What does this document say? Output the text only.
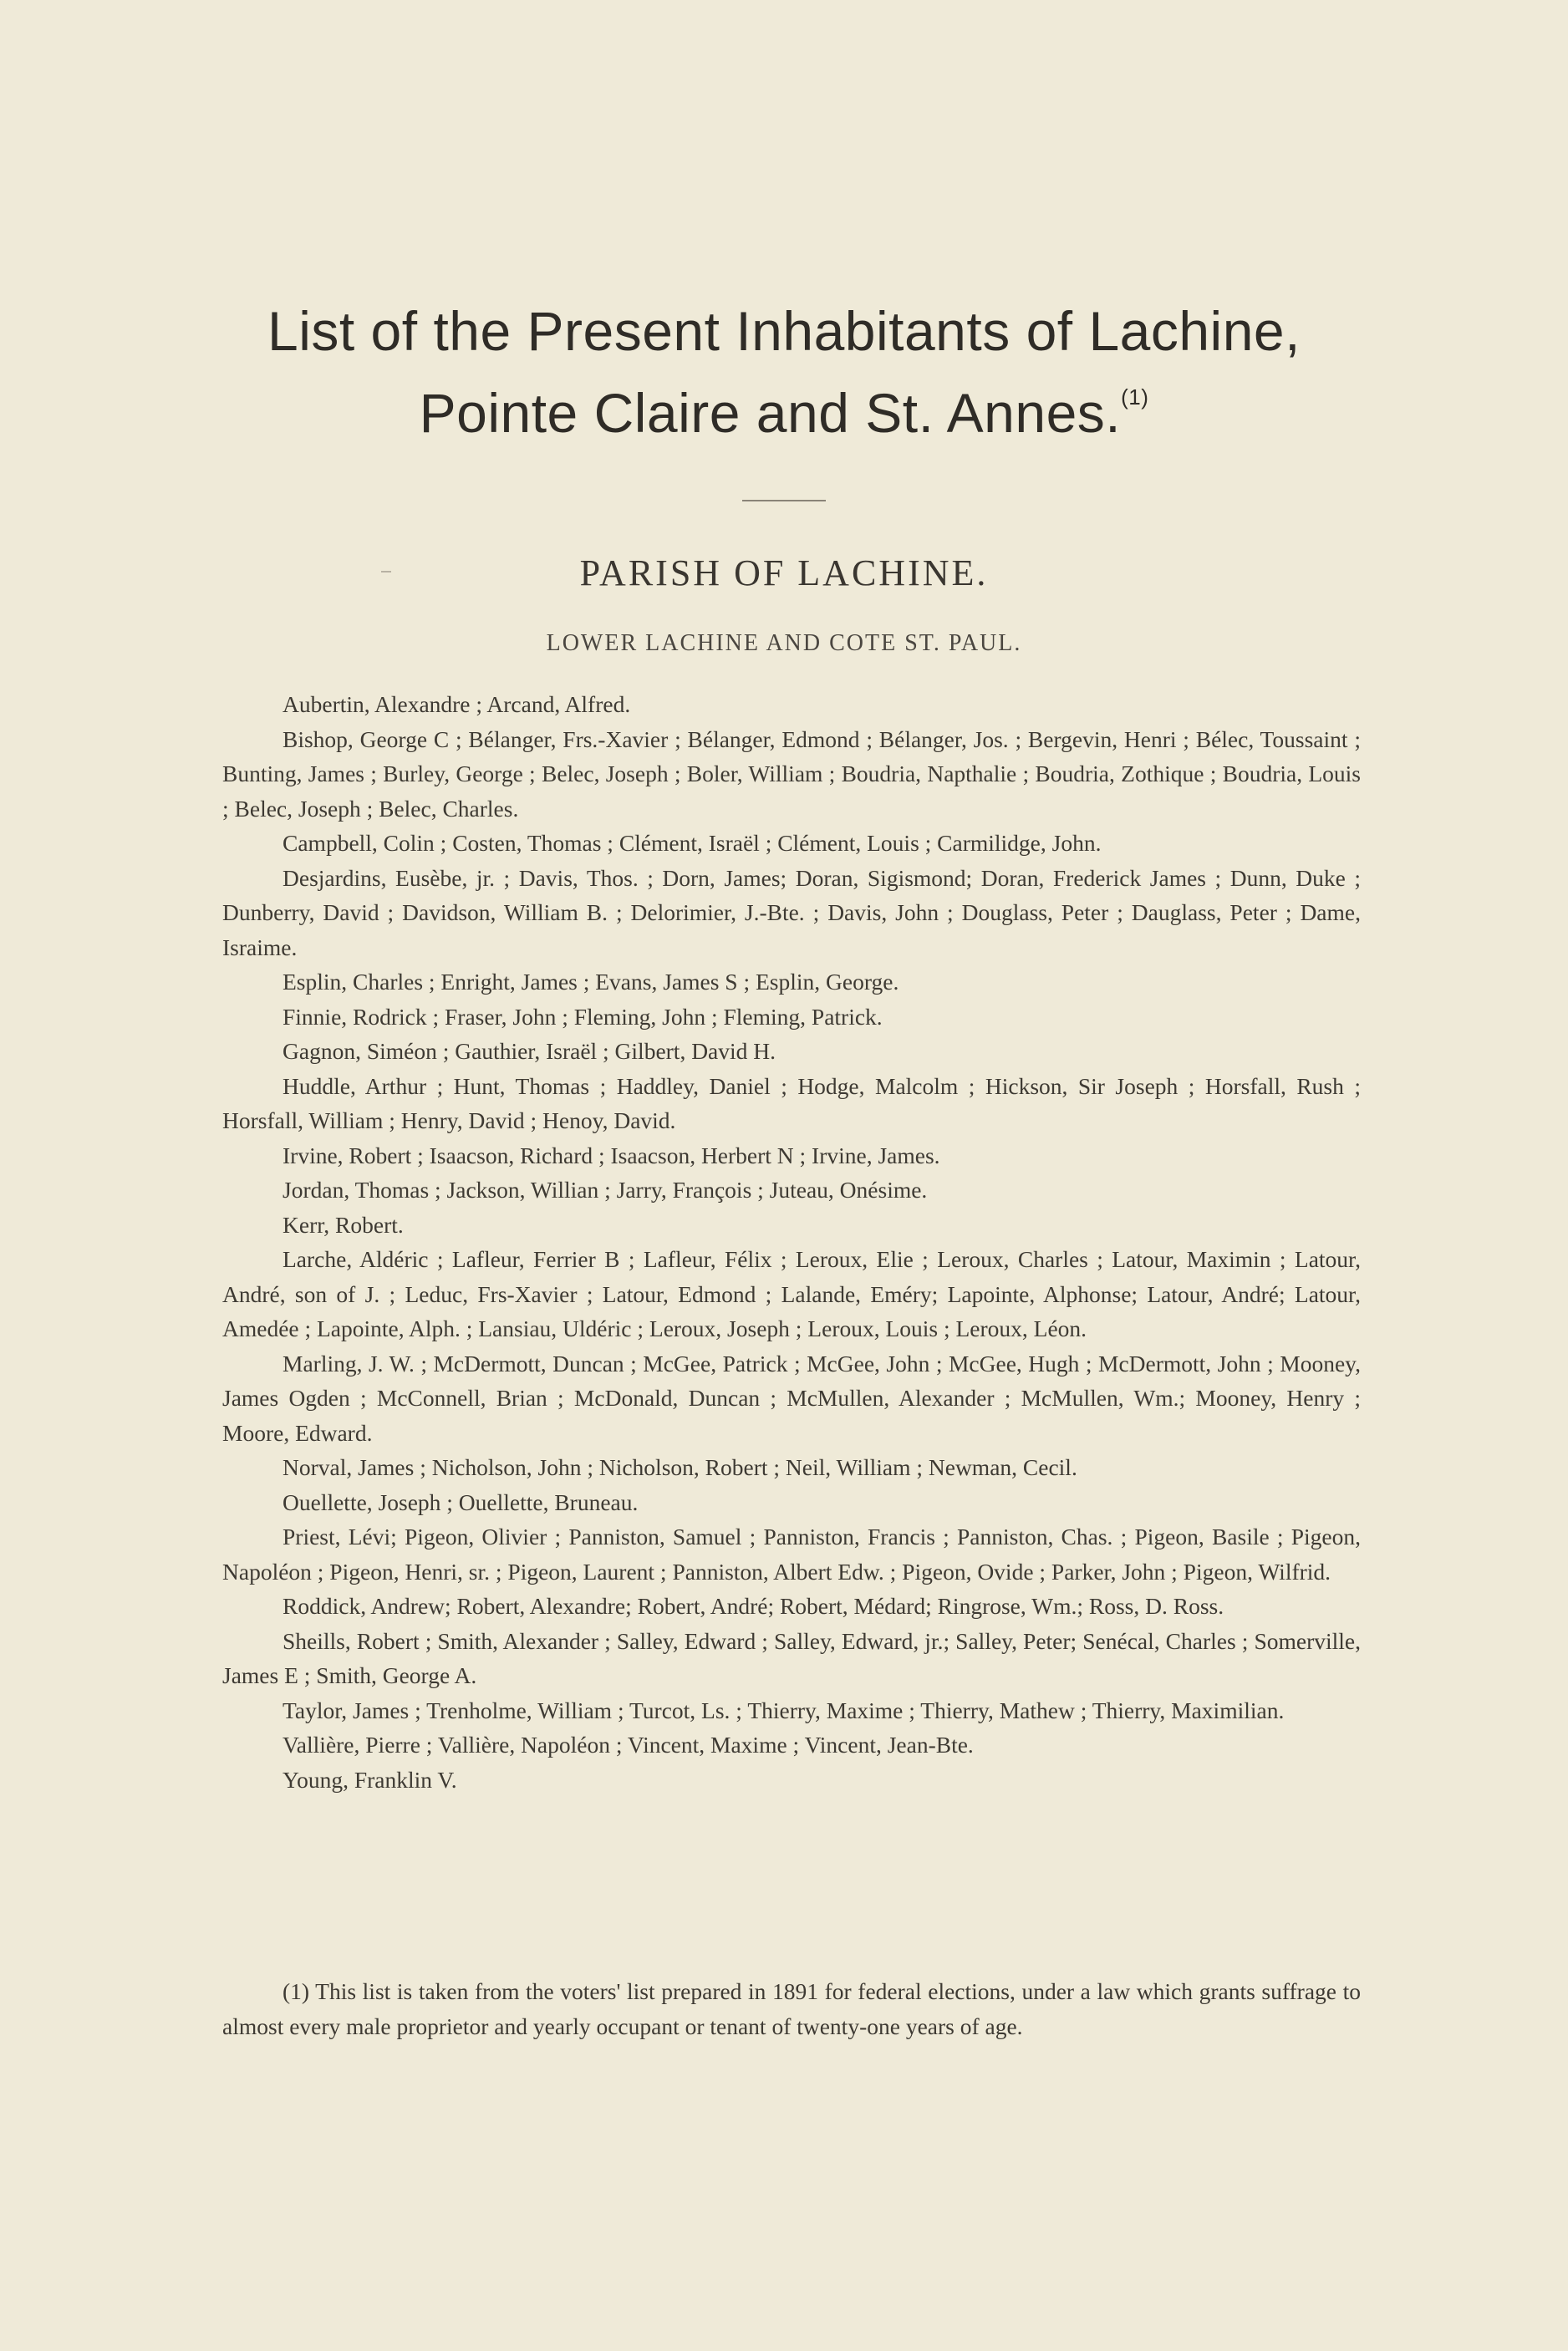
List of the Present Inhabitants of Lachine,
Pointe Claire and St. Annes.$^{(1)}$
PARISH OF LACHINE.
LOWER LACHINE AND COTE ST. PAUL.

Aubertin, Alexandre ; Arcand, Alfred.

Bishop, George C ; Bélanger, Frs.-Xavier ; Bélanger, Edmond ; Bélanger, Jos. ; Bergevin, Henri ; Bélec, Toussaint ; Bunting, James ; Burley, George ; Belec, Joseph ; Boler, William ; Boudria, Napthalie ; Boudria, Zothique ; Boudria, Louis ; Belec, Joseph ; Belec, Charles.

Campbell, Colin ; Costen, Thomas ; Clément, Israël ; Clément, Louis ; Carmilidge, John.

Desjardins, Eusèbe, jr. ; Davis, Thos. ; Dorn, James; Doran, Sigismond; Doran, Frederick James ; Dunn, Duke ; Dunberry, David ; Davidson, William B. ; Delorimier, J.-Bte. ; Davis, John ; Douglass, Peter ; Dauglass, Peter ; Dame, Israime.

Esplin, Charles ; Enright, James ; Evans, James S ; Esplin, George.

Finnie, Rodrick ; Fraser, John ; Fleming, John ; Fleming, Patrick.

Gagnon, Siméon ; Gauthier, Israël ; Gilbert, David H.

Huddle, Arthur ; Hunt, Thomas ; Haddley, Daniel ; Hodge, Malcolm ; Hickson, Sir Joseph ; Horsfall, Rush ; Horsfall, William ; Henry, David ; Henoy, David.

Irvine, Robert ; Isaacson, Richard ; Isaacson, Herbert N ; Irvine, James.

Jordan, Thomas ; Jackson, Willian ; Jarry, François ; Juteau, Onésime.

Kerr, Robert.

Larche, Aldéric ; Lafleur, Ferrier B ; Lafleur, Félix ; Leroux, Elie ; Leroux, Charles ; Latour, Maximin ; Latour, André, son of J. ; Leduc, Frs-Xavier ; Latour, Edmond ; Lalande, Eméry; Lapointe, Alphonse; Latour, André; Latour, Amedée ; Lapointe, Alph. ; Lansiau, Uldéric ; Leroux, Joseph ; Leroux, Louis ; Leroux, Léon.

Marling, J. W. ; McDermott, Duncan ; McGee, Patrick ; McGee, John ; McGee, Hugh ; McDermott, John ; Mooney, James Ogden ; McConnell, Brian ; McDonald, Duncan ; McMullen, Alexander ; McMullen, Wm.; Mooney, Henry ; Moore, Edward.

Norval, James ; Nicholson, John ; Nicholson, Robert ; Neil, William ; Newman, Cecil.

Ouellette, Joseph ; Ouellette, Bruneau.

Priest, Lévi; Pigeon, Olivier ; Panniston, Samuel ; Panniston, Francis ; Panniston, Chas. ; Pigeon, Basile ; Pigeon, Napoléon ; Pigeon, Henri, sr. ; Pigeon, Laurent ; Panniston, Albert Edw. ; Pigeon, Ovide ; Parker, John ; Pigeon, Wilfrid.

Roddick, Andrew; Robert, Alexandre; Robert, André; Robert, Médard; Ringrose, Wm.; Ross, D. Ross.

Sheills, Robert ; Smith, Alexander ; Salley, Edward ; Salley, Edward, jr.; Salley, Peter; Senécal, Charles ; Somerville, James E ; Smith, George A.

Taylor, James ; Trenholme, William ; Turcot, Ls. ; Thierry, Maxime ; Thierry, Mathew ; Thierry, Maximilian.

Vallière, Pierre ; Vallière, Napoléon ; Vincent, Maxime ; Vincent, Jean-Bte.

Young, Franklin V.

(1) This list is taken from the voters' list prepared in 1891 for federal elections, under a law which grants suffrage to almost every male proprietor and yearly occupant or tenant of twenty-one years of age.
